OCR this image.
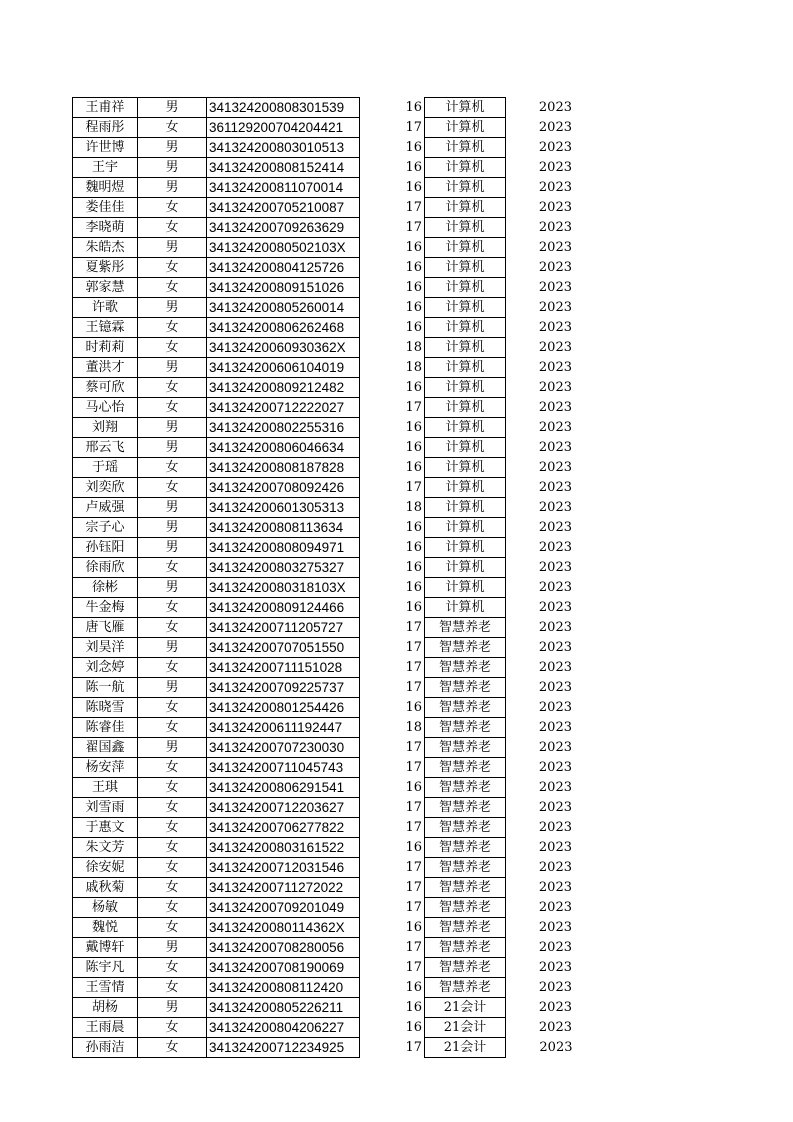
王甫祥	男	341324200808301539		16	计算机	2023
程雨彤	女	361129200704204421		17	计算机	2023
许世博	男	341324200803010513		16	计算机	2023
王宇	男	341324200808152414		16	计算机	2023
魏明煜	男	341324200811070014		16	计算机	2023
娄佳佳	女	341324200705210087		17	计算机	2023
李晓萌	女	341324200709263629		17	计算机	2023
朱皓杰	男	34132420080502103X		16	计算机	2023
夏紫彤	女	341324200804125726		16	计算机	2023
郭家慧	女	341324200809151026		16	计算机	2023
许歌	男	341324200805260014		16	计算机	2023
王镱霖	女	341324200806262468		16	计算机	2023
时莉莉	女	34132420060930362X		18	计算机	2023
董洪才	男	341324200606104019		18	计算机	2023
蔡可欣	女	341324200809212482		16	计算机	2023
马心怡	女	341324200712222027		17	计算机	2023
刘翔	男	341324200802255316		16	计算机	2023
邢云飞	男	341324200806046634		16	计算机	2023
于瑶	女	341324200808187828		16	计算机	2023
刘奕欣	女	341324200708092426		17	计算机	2023
卢威强	男	341324200601305313		18	计算机	2023
宗子心	男	341324200808113634		16	计算机	2023
孙钰阳	男	341324200808094971		16	计算机	2023
徐雨欣	女	341324200803275327		16	计算机	2023
徐彬	男	34132420080318103X		16	计算机	2023
牛金梅	女	341324200809124466		16	计算机	2023
唐飞雁	女	341324200711205727		17	智慧养老	2023
刘昊洋	男	341324200707051550		17	智慧养老	2023
刘念婷	女	341324200711151028		17	智慧养老	2023
陈一航	男	341324200709225737		17	智慧养老	2023
陈晓雪	女	341324200801254426		16	智慧养老	2023
陈睿佳	女	341324200611192447		18	智慧养老	2023
翟国鑫	男	341324200707230030		17	智慧养老	2023
杨安萍	女	341324200711045743		17	智慧养老	2023
王琪	女	341324200806291541		16	智慧养老	2023
刘雪雨	女	341324200712203627		17	智慧养老	2023
于惠文	女	341324200706277822		17	智慧养老	2023
朱文芳	女	341324200803161522		16	智慧养老	2023
徐安妮	女	341324200712031546		17	智慧养老	2023
戚秋菊	女	341324200711272022		17	智慧养老	2023
杨敏	女	341324200709201049		17	智慧养老	2023
魏悦	女	34132420080114362X		16	智慧养老	2023
戴博轩	男	341324200708280056		17	智慧养老	2023
陈宇凡	女	341324200708190069		17	智慧养老	2023
王雪情	女	341324200808112420		16	智慧养老	2023
胡杨	男	341324200805226211		16	21会计	2023
王雨晨	女	341324200804206227		16	21会计	2023
孙雨洁	女	341324200712234925		17	21会计	2023
